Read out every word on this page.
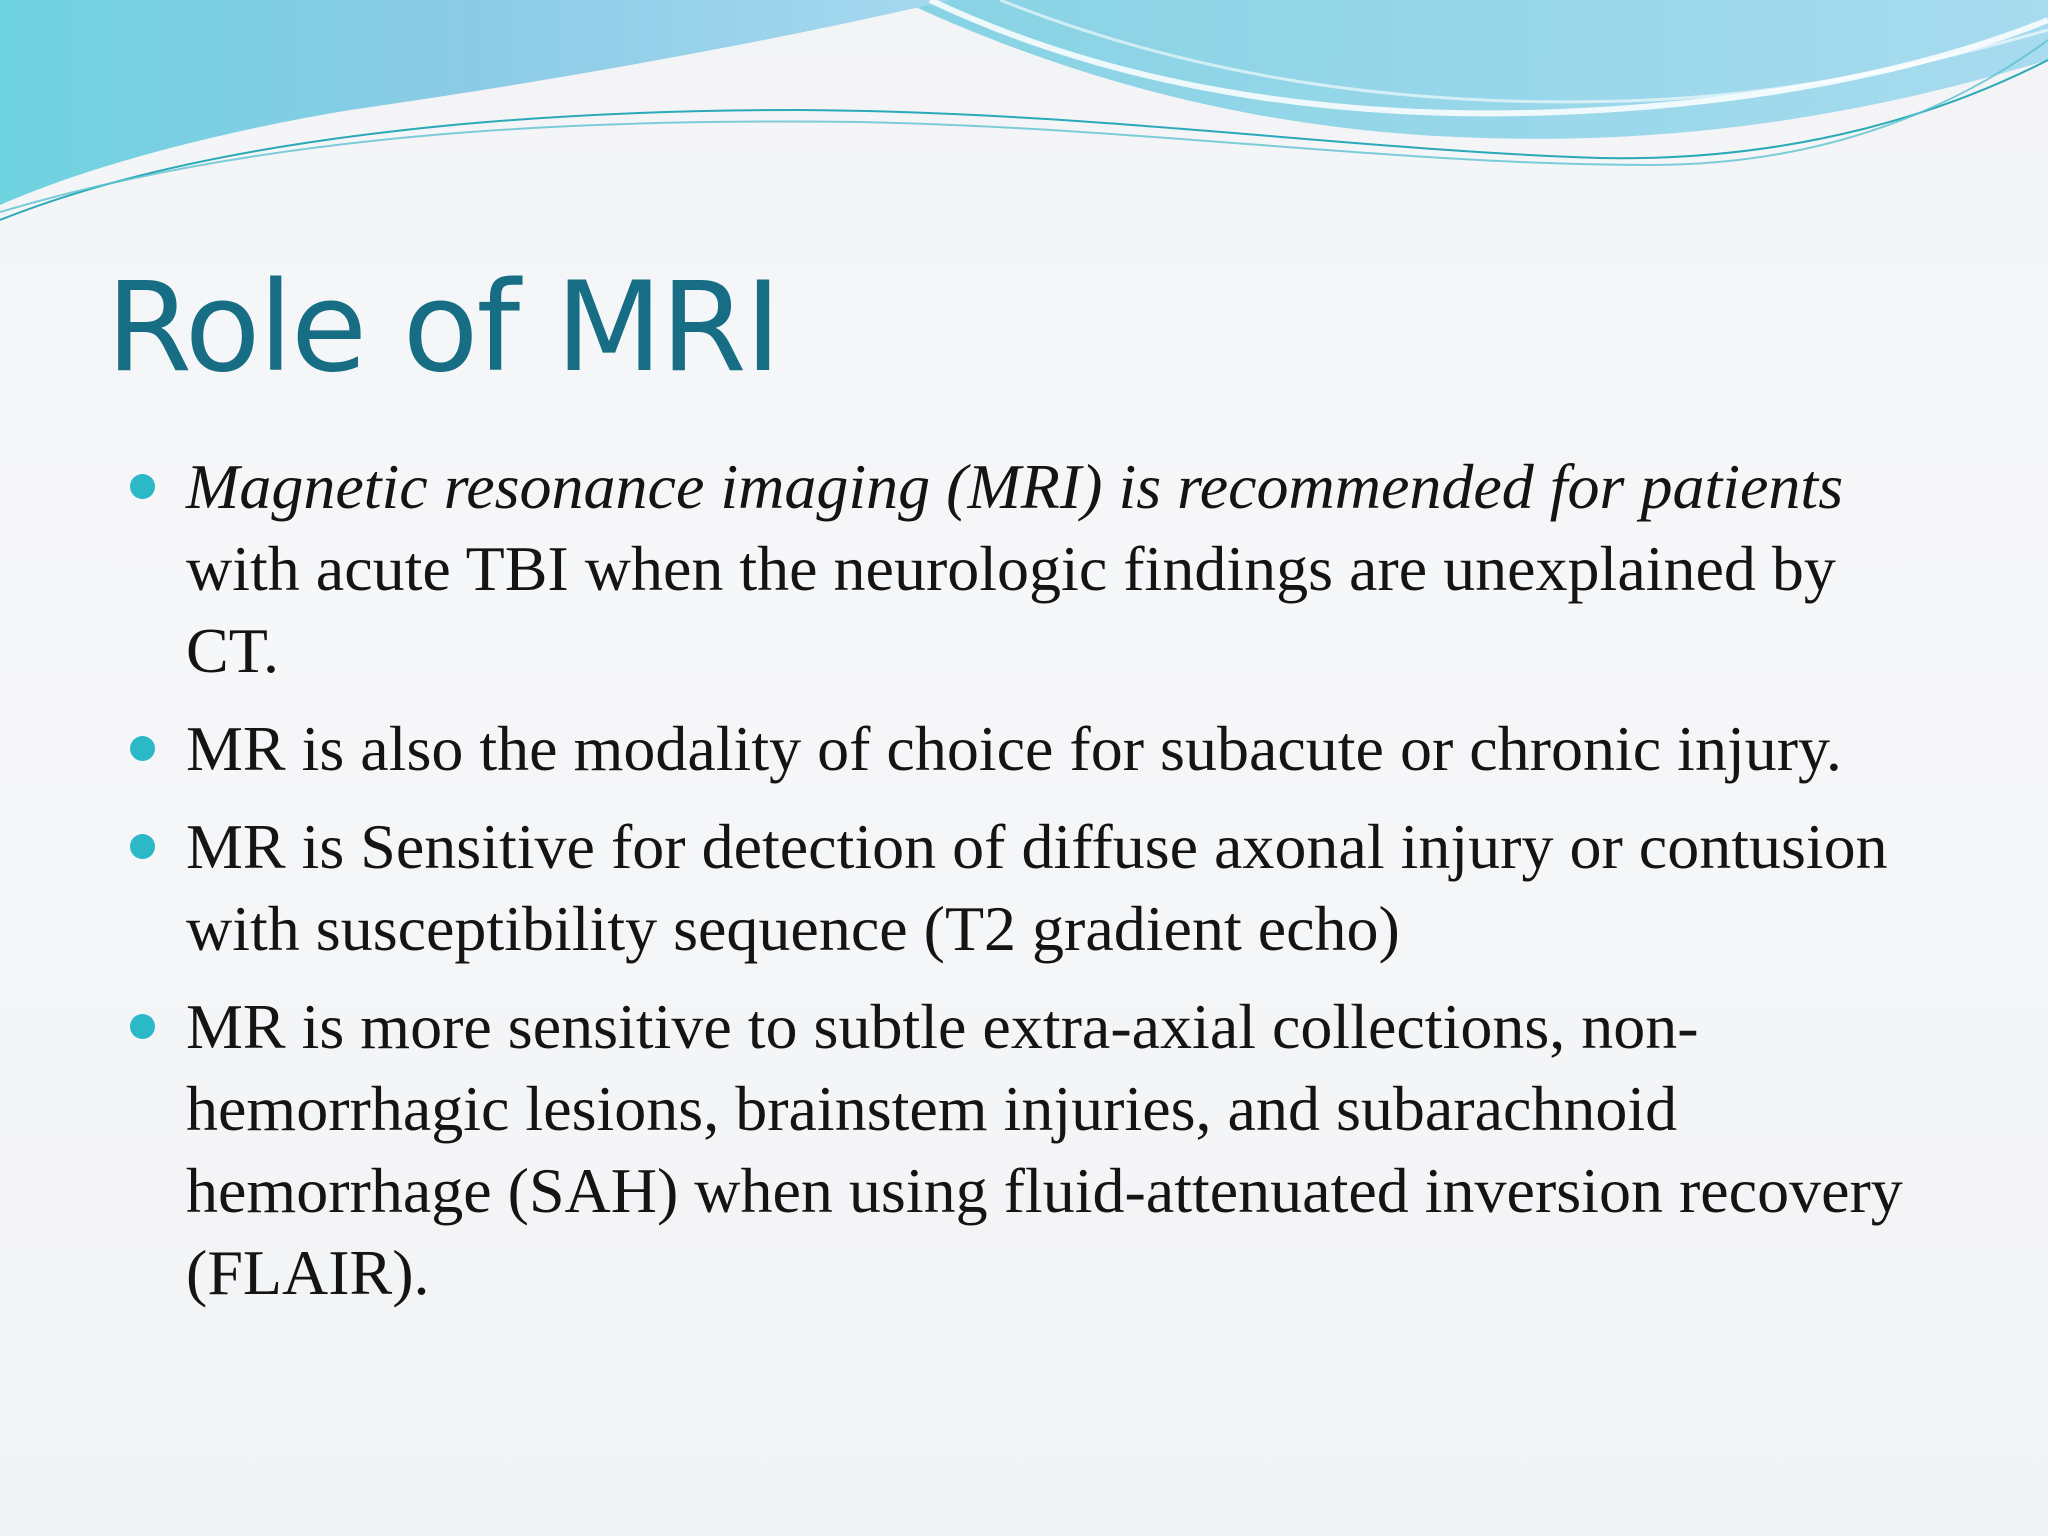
Role of MRI
Magnetic resonance imaging (MRI) is recommended for patients with acute TBI when the neurologic findings are unexplained by CT.
MR is also the modality of choice for subacute or chronic injury.
MR is Sensitive for detection of diffuse axonal injury or contusion with susceptibility sequence (T2 gradient echo)
MR is more sensitive to subtle extra-axial collections, non-hemorrhagic lesions, brainstem injuries, and subarachnoid hemorrhage (SAH) when using fluid-attenuated inversion recovery (FLAIR).
